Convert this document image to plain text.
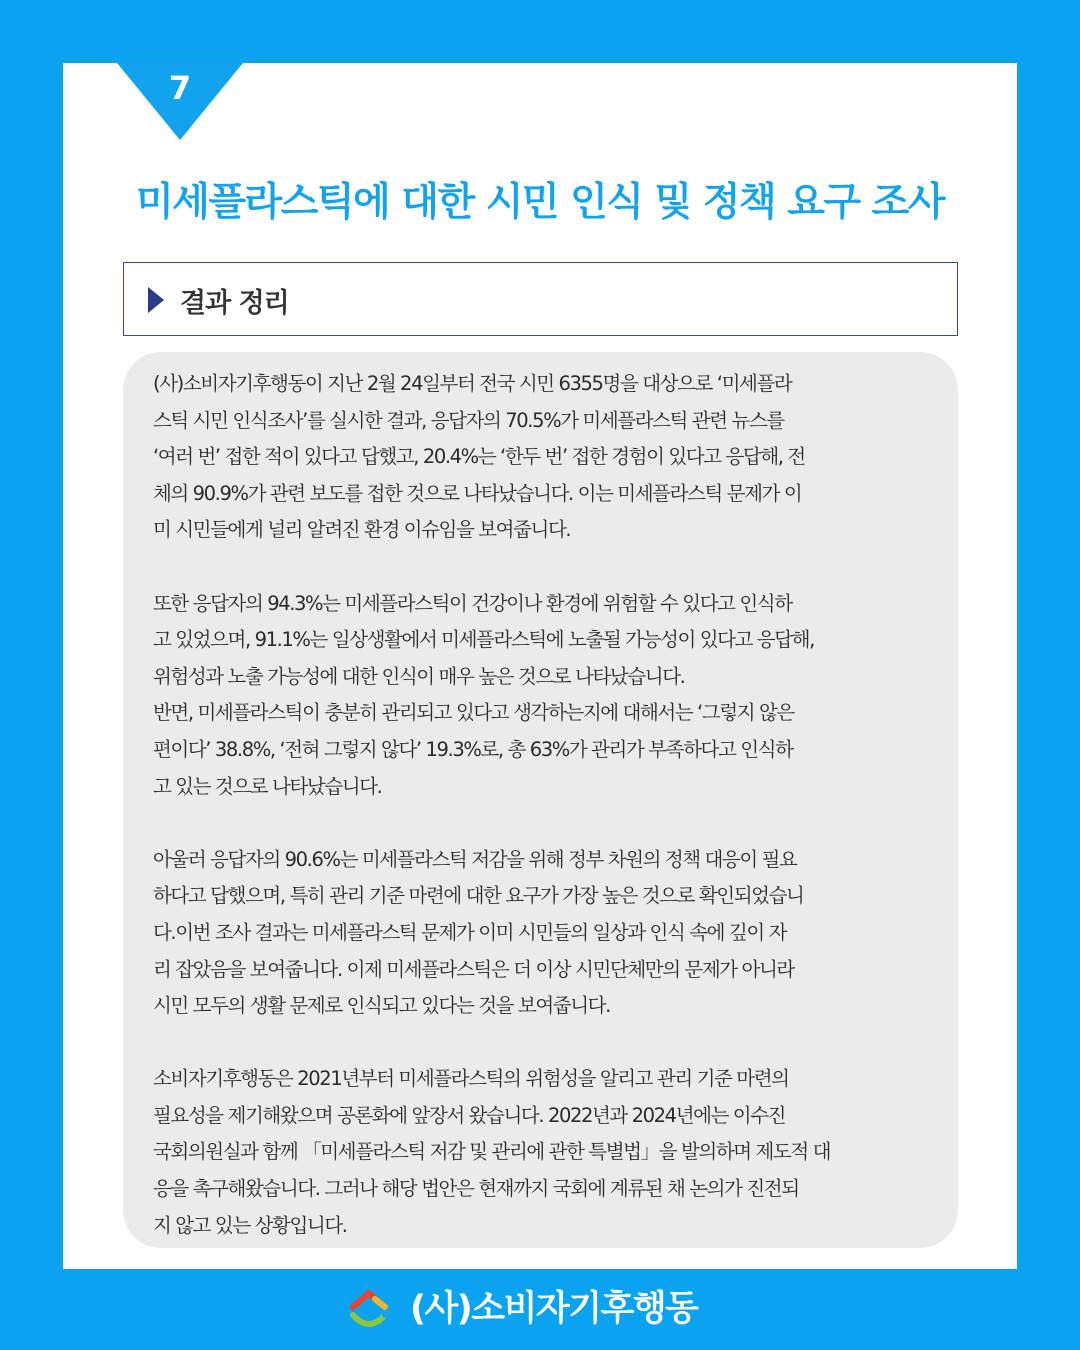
7
미세플라스틱에 대한 시민 인식 및 정책 요구 조사
결과 정리

(사)소비자기후행동이 지난 2월 24일부터 전국 시민 6355명을 대상으로 ‘미세플라

스틱 시민 인식조사’를 실시한 결과, 응답자의 70.5%가 미세플라스틱 관련 뉴스를

‘여러 번’ 접한 적이 있다고 답했고, 20.4%는 ‘한두 번’ 접한 경험이 있다고 응답해, 전

체의 90.9%가 관련 보도를 접한 것으로 나타났습니다. 이는 미세플라스틱 문제가 이

미 시민들에게 널리 알려진 환경 이슈임을 보여줍니다.

또한 응답자의 94.3%는 미세플라스틱이 건강이나 환경에 위험할 수 있다고 인식하

고 있었으며, 91.1%는 일상생활에서 미세플라스틱에 노출될 가능성이 있다고 응답해,

위험성과 노출 가능성에 대한 인식이 매우 높은 것으로 나타났습니다.

반면, 미세플라스틱이 충분히 관리되고 있다고 생각하는지에 대해서는 ‘그렇지 않은

편이다’ 38.8%, ‘전혀 그렇지 않다’ 19.3%로, 총 63%가 관리가 부족하다고 인식하

고 있는 것으로 나타났습니다.

아울러 응답자의 90.6%는 미세플라스틱 저감을 위해 정부 차원의 정책 대응이 필요

하다고 답했으며, 특히 관리 기준 마련에 대한 요구가 가장 높은 것으로 확인되었습니

다.이번 조사 결과는 미세플라스틱 문제가 이미 시민들의 일상과 인식 속에 깊이 자

리 잡았음을 보여줍니다. 이제 미세플라스틱은 더 이상 시민단체만의 문제가 아니라

시민 모두의 생활 문제로 인식되고 있다는 것을 보여줍니다.

소비자기후행동은 2021년부터 미세플라스틱의 위험성을 알리고 관리 기준 마련의

필요성을 제기해왔으며 공론화에 앞장서 왔습니다. 2022년과 2024년에는 이수진

국회의원실과 함께 「미세플라스틱 저감 및 관리에 관한 특별법」을 발의하며 제도적 대

응을 촉구해왔습니다. 그러나 해당 법안은 현재까지 국회에 계류된 채 논의가 진전되

지 않고 있는 상황입니다.

(사)소비자기후행동
